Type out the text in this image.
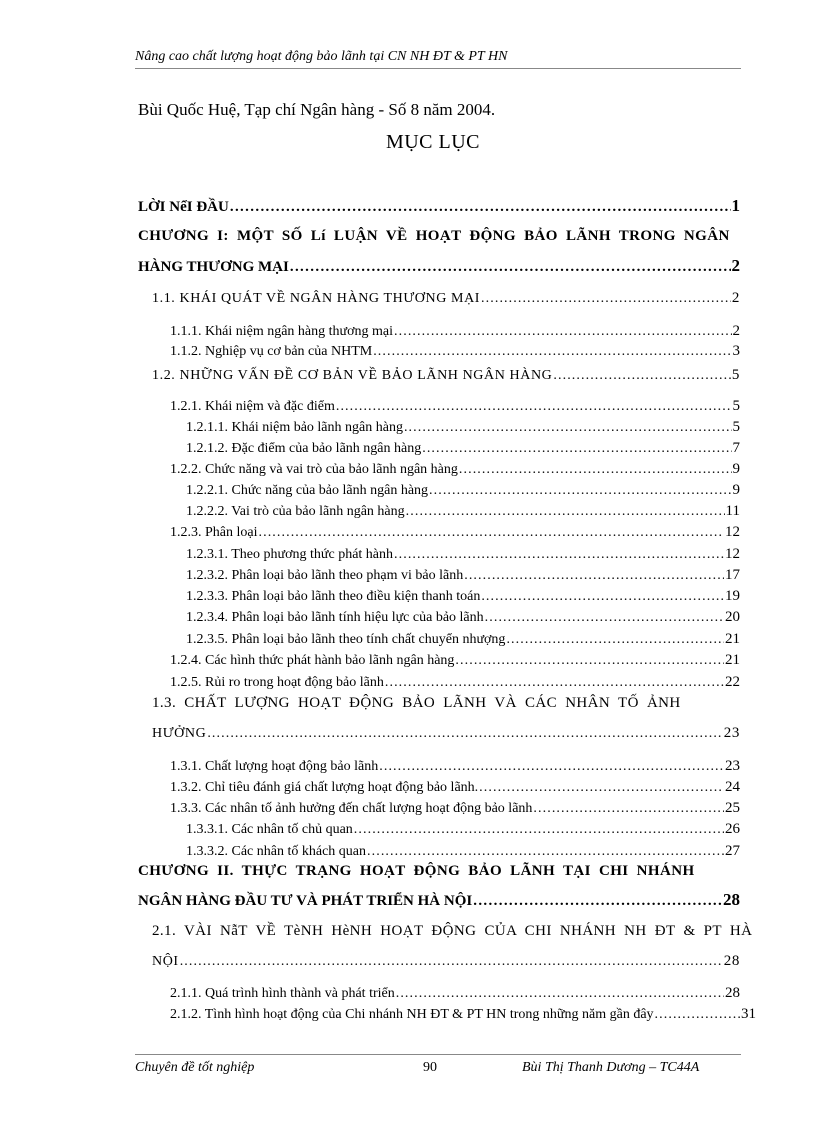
Nâng cao chất lượng hoạt động bảo lãnh tại CN NH ĐT & PT HN
Bùi Quốc Huệ, Tạp chí Ngân hàng - Số 8 năm 2004.
MỤC LỤC
LỜI NểI ĐẦU . . .	1
CHƯƠNG I: MỘT SỐ Lí LUẬN VỀ HOẠT ĐỘNG BẢO LÃNH TRONG NGÂN
HÀNG THƯƠNG MẠI . . .	2
1.1. KHÁI QUÁT VỀ NGÂN HÀNG THƯƠNG MẠI . . .	2
1.1.1. Khái niệm ngân hàng thương mại . . .	2
1.1.2. Nghiệp vụ cơ bản của NHTM . . .	3
1.2. NHỮNG VẤN ĐỀ CƠ BẢN VỀ BẢO LÃNH NGÂN HÀNG . . .	5
1.2.1. Khái niệm và đặc điểm . . .	5
1.2.1.1. Khái niệm bảo lãnh ngân hàng . . .	5
1.2.1.2. Đặc điểm của bảo lãnh ngân hàng . . .	7
1.2.2. Chức năng và vai trò của bảo lãnh ngân hàng . . .	9
1.2.2.1. Chức năng của bảo lãnh ngân hàng . . .	9
1.2.2.2. Vai trò của bảo lãnh ngân hàng . . .	11
1.2.3. Phân loại . . .	12
1.2.3.1. Theo phương thức phát hành . . .	12
1.2.3.2. Phân loại bảo lãnh theo phạm vi bảo lãnh . . .	17
1.2.3.3. Phân loại bảo lãnh theo điều kiện thanh toán . . .	19
1.2.3.4. Phân loại bảo lãnh tính hiệu lực của bảo lãnh . . .	20
1.2.3.5. Phân loại bảo lãnh theo tính chất chuyển nhượng . . .	21
1.2.4. Các hình thức phát hành bảo lãnh ngân hàng . . .	21
1.2.5. Rủi ro trong hoạt động bảo lãnh . . .	22
1.3. CHẤT LƯỢNG HOẠT ĐỘNG BẢO LÃNH VÀ CÁC NHÂN TỐ ẢNH
HƯỞNG . . .	23
1.3.1. Chất lượng hoạt động bảo lãnh . . .	23
1.3.2. Chỉ tiêu đánh giá chất lượng hoạt động bảo lãnh. . . .	24
1.3.3. Các nhân tố ảnh hưởng đến chất lượng hoạt động bảo lãnh . . .	25
1.3.3.1. Các nhân tố chủ quan . . .	26
1.3.3.2. Các nhân tố khách quan . . .	27
CHƯƠNG II. THỰC TRẠNG HOẠT ĐỘNG BẢO LÃNH TẠI CHI NHÁNH
NGÂN HÀNG ĐẦU TƯ VÀ PHÁT TRIỂN HÀ NỘI . . .	28
2.1. VÀI NẫT VỀ TèNH HèNH HOẠT ĐỘNG CỦA CHI NHÁNH NH ĐT & PT HÀ
NỘI . . .	28
2.1.1. Quá trình hình thành và phát triển . . .	28
2.1.2. Tình hình hoạt động của Chi nhánh NH ĐT & PT HN trong những năm gần đây . . .	31
Chuyên đề tốt nghiệp	90	Bùi Thị Thanh Dương – TC44A
